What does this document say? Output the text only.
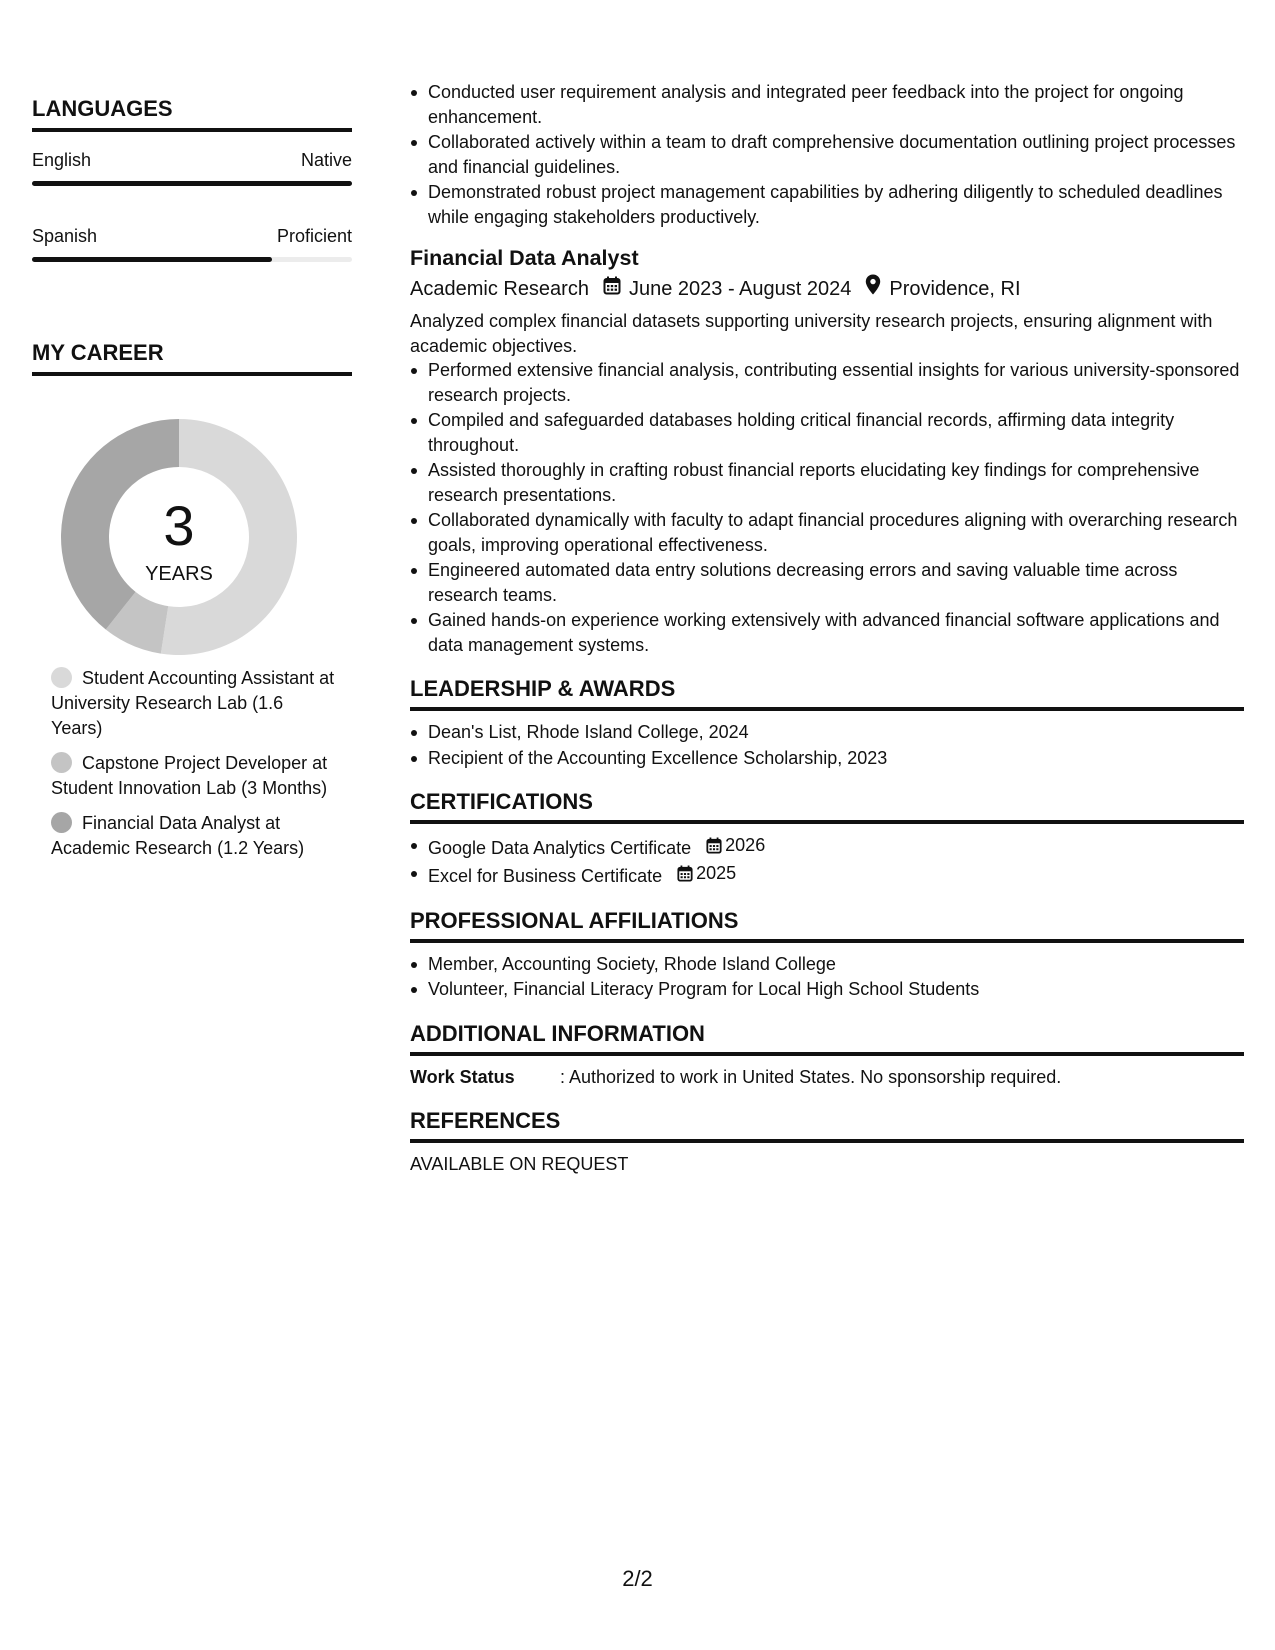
LANGUAGES
English	Native
Spanish	Proficient
MY CAREER
3
YEARS
Student Accounting Assistant at University Research Lab (1.6 Years)
Capstone Project Developer at Student Innovation Lab (3 Months)
Financial Data Analyst at Academic Research (1.2 Years)
Conducted user requirement analysis and integrated peer feedback into the project for ongoing enhancement.
Collaborated actively within a team to draft comprehensive documentation outlining project processes and financial guidelines.
Demonstrated robust project management capabilities by adhering diligently to scheduled deadlines while engaging stakeholders productively.
Financial Data Analyst
Academic Research June 2023 - August 2024 Providence, RI
Analyzed complex financial datasets supporting university research projects, ensuring alignment with academic objectives.
Performed extensive financial analysis, contributing essential insights for various university-sponsored research projects.
Compiled and safeguarded databases holding critical financial records, affirming data integrity throughout.
Assisted thoroughly in crafting robust financial reports elucidating key findings for comprehensive research presentations.
Collaborated dynamically with faculty to adapt financial procedures aligning with overarching research goals, improving operational effectiveness.
Engineered automated data entry solutions decreasing errors and saving valuable time across research teams.
Gained hands-on experience working extensively with advanced financial software applications and data management systems.
LEADERSHIP & AWARDS
Dean's List, Rhode Island College, 2024
Recipient of the Accounting Excellence Scholarship, 2023
CERTIFICATIONS
Google Data Analytics Certificate 2026
Excel for Business Certificate 2025
PROFESSIONAL AFFILIATIONS
Member, Accounting Society, Rhode Island College
Volunteer, Financial Literacy Program for Local High School Students
ADDITIONAL INFORMATION
Work Status	: Authorized to work in United States. No sponsorship required.
REFERENCES
AVAILABLE ON REQUEST
2/2
